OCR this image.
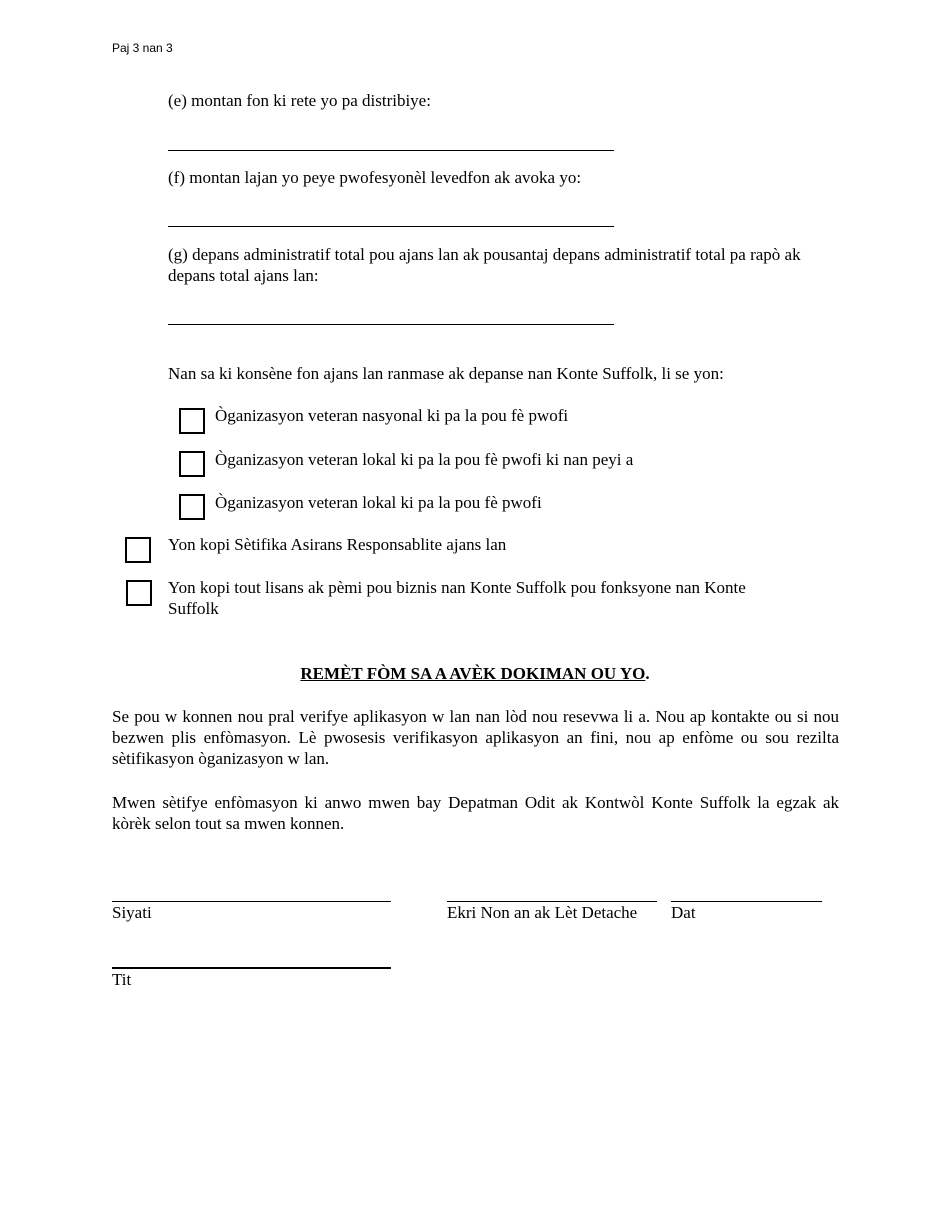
Paj 3 nan 3
(e) montan fon ki rete yo pa distribiye:
(f) montan lajan yo peye pwofesyonèl levedfon ak avoka yo:
(g) depans administratif total pou ajans lan ak pousantaj depans administratif total pa rapò ak depans total ajans lan:
Nan sa ki konsène fon ajans lan ranmase ak depanse nan Konte Suffolk, li se yon:
Òganizasyon veteran nasyonal ki pa la pou fè pwofi
Òganizasyon veteran lokal ki pa la pou fè pwofi ki nan peyi a
Òganizasyon veteran lokal ki pa la pou fè pwofi
Yon kopi Sètifika Asirans Responsablite ajans lan
Yon kopi tout lisans ak pèmi pou biznis nan Konte Suffolk pou fonksyone nan Konte Suffolk
REMÈT FÒM SA A AVÈK DOKIMAN OU YO.
Se pou w konnen nou pral verifye aplikasyon w lan nan lòd nou resevwa li a. Nou ap kontakte ou si nou bezwen plis enfòmasyon. Lè pwosesis verifikasyon aplikasyon an fini, nou ap enfòme ou sou rezilta sètifikasyon òganizasyon w lan.
Mwen sètifye enfòmasyon ki anwo mwen bay Depatman Odit ak Kontwòl Konte Suffolk la egzak ak kòrèk selon tout sa mwen konnen.
Siyati	Ekri Non an ak Lèt Detache Dat
Tit
